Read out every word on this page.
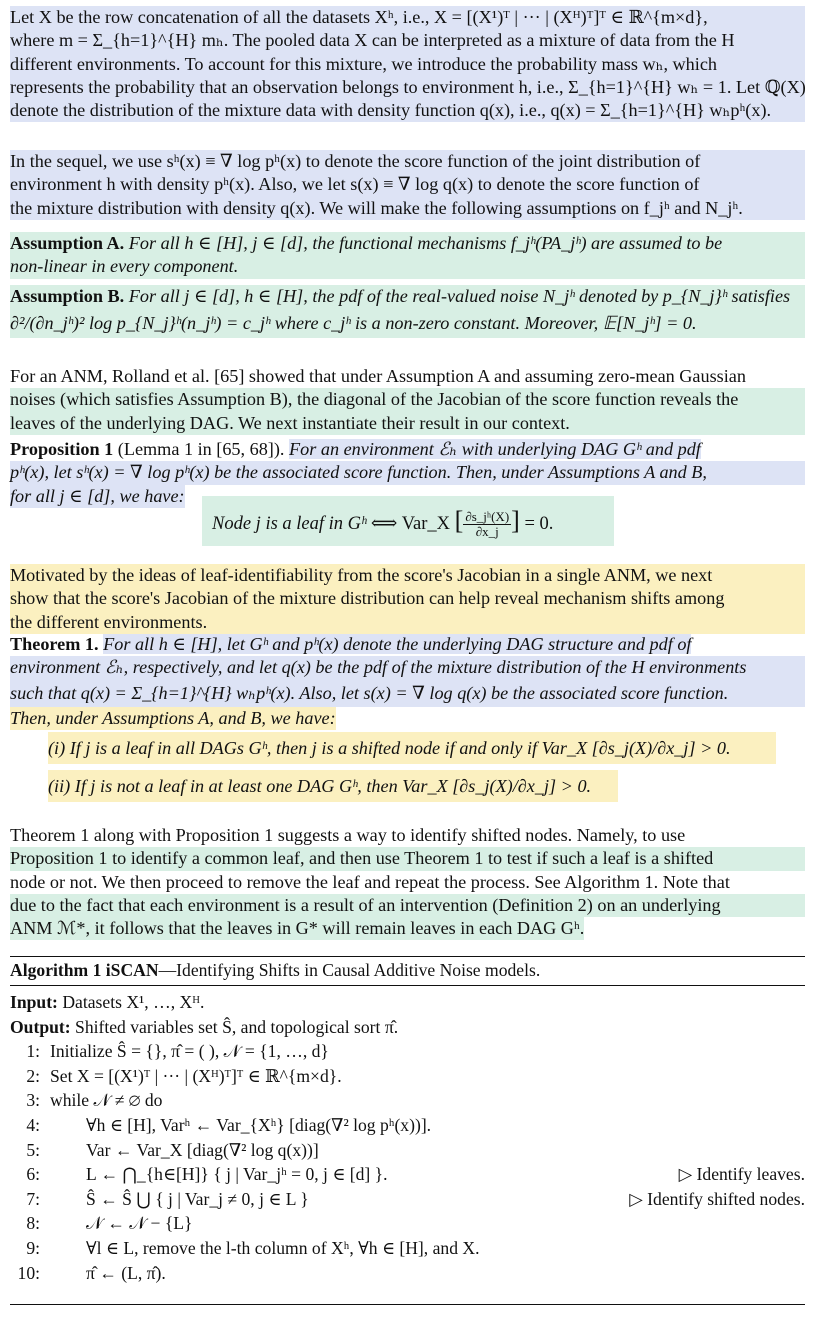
Let X be the row concatenation of all the datasets Xʰ, i.e., X = [(X¹)ᵀ | ··· | (Xᴴ)ᵀ]ᵀ ∈ ℝ^{m×d},
where m = Σ_{h=1}^{H} mₕ. The pooled data X can be interpreted as a mixture of data from the H
different environments. To account for this mixture, we introduce the probability mass wₕ, which
represents the probability that an observation belongs to environment h, i.e., Σ_{h=1}^{H} wₕ = 1. Let ℚ(X)
denote the distribution of the mixture data with density function q(x), i.e., q(x) = Σ_{h=1}^{H} wₕpʰ(x).
In the sequel, we use sʰ(x) ≡ ∇ log pʰ(x) to denote the score function of the joint distribution of
environment h with density pʰ(x). Also, we let s(x) ≡ ∇ log q(x) to denote the score function of
the mixture distribution with density q(x). We will make the following assumptions on f_jʰ and N_jʰ.
Assumption A. For all h ∈ [H], j ∈ [d], the functional mechanisms f_jʰ(PA_jʰ) are assumed to be
non-linear in every component.
Assumption B. For all j ∈ [d], h ∈ [H], the pdf of the real-valued noise N_jʰ denoted by p_{N_j}ʰ satisfies
∂²/(∂n_jʰ)² log p_{N_j}ʰ(n_jʰ) = c_jʰ where c_jʰ is a non-zero constant. Moreover, 𝔼[N_jʰ] = 0.
For an ANM, Rolland et al. [65] showed that under Assumption A and assuming zero-mean Gaussian
noises (which satisfies Assumption B), the diagonal of the Jacobian of the score function reveals the
leaves of the underlying DAG. We next instantiate their result in our context.
Proposition 1 (Lemma 1 in [65, 68]). For an environment ℰₕ with underlying DAG Gʰ and pdf
pʰ(x), let sʰ(x) = ∇ log pʰ(x) be the associated score function. Then, under Assumptions A and B,
for all j ∈ [d], we have:
Node j is a leaf in Gʰ ⟺ Var_X [ $\frac{\text{∂s\_jʰ(X)}}{\partial x\_j}$ ] = 0.
Motivated by the ideas of leaf-identifiability from the score's Jacobian in a single ANM, we next
show that the score's Jacobian of the mixture distribution can help reveal mechanism shifts among
the different environments.
Theorem 1. For all h ∈ [H], let Gʰ and pʰ(x) denote the underlying DAG structure and pdf of
environment ℰₕ, respectively, and let q(x) be the pdf of the mixture distribution of the H environments
such that q(x) = Σ_{h=1}^{H} wₕpʰ(x). Also, let s(x) = ∇ log q(x) be the associated score function.
Then, under Assumptions A, and B, we have:
(i) If j is a leaf in all DAGs Gʰ, then j is a shifted node if and only if Var_X [∂s_j(X)/∂x_j] > 0.
(ii) If j is not a leaf in at least one DAG Gʰ, then Var_X [∂s_j(X)/∂x_j] > 0.
Theorem 1 along with Proposition 1 suggests a way to identify shifted nodes. Namely, to use
Proposition 1 to identify a common leaf, and then use Theorem 1 to test if such a leaf is a shifted
node or not. We then proceed to remove the leaf and repeat the process. See Algorithm 1. Note that
due to the fact that each environment is a result of an intervention (Definition 2) on an underlying
ANM ℳ*, it follows that the leaves in G* will remain leaves in each DAG Gʰ.
Algorithm 1 iSCAN—Identifying Shifts in Causal Additive Noise models.
Input: Datasets X¹, …, Xᴴ.
Output: Shifted variables set Ŝ, and topological sort π̂.
1: Initialize Ŝ = {}, π̂ = ( ), 𝒩 = {1, …, d}
2: Set X = [(X¹)ᵀ | ··· | (Xᴴ)ᵀ]ᵀ ∈ ℝ^{m×d}.
3: while 𝒩 ≠ ∅ do
4:	∀h ∈ [H], Varʰ ← Var_{Xʰ} [diag(∇² log pʰ(x))].
5:	Var ← Var_X [diag(∇² log q(x))]
6:	L ← ⋂_{h∈[H]} { j | Var_jʰ = 0, j ∈ [d] }.	▷ Identify leaves.
7:	Ŝ ← Ŝ ⋃ { j | Var_j ≠ 0, j ∈ L }	▷ Identify shifted nodes.
8:	𝒩 ← 𝒩 − {L}
9:	∀l ∈ L, remove the l-th column of Xʰ, ∀h ∈ [H], and X.
10:	π̂ ← (L, π̂).
